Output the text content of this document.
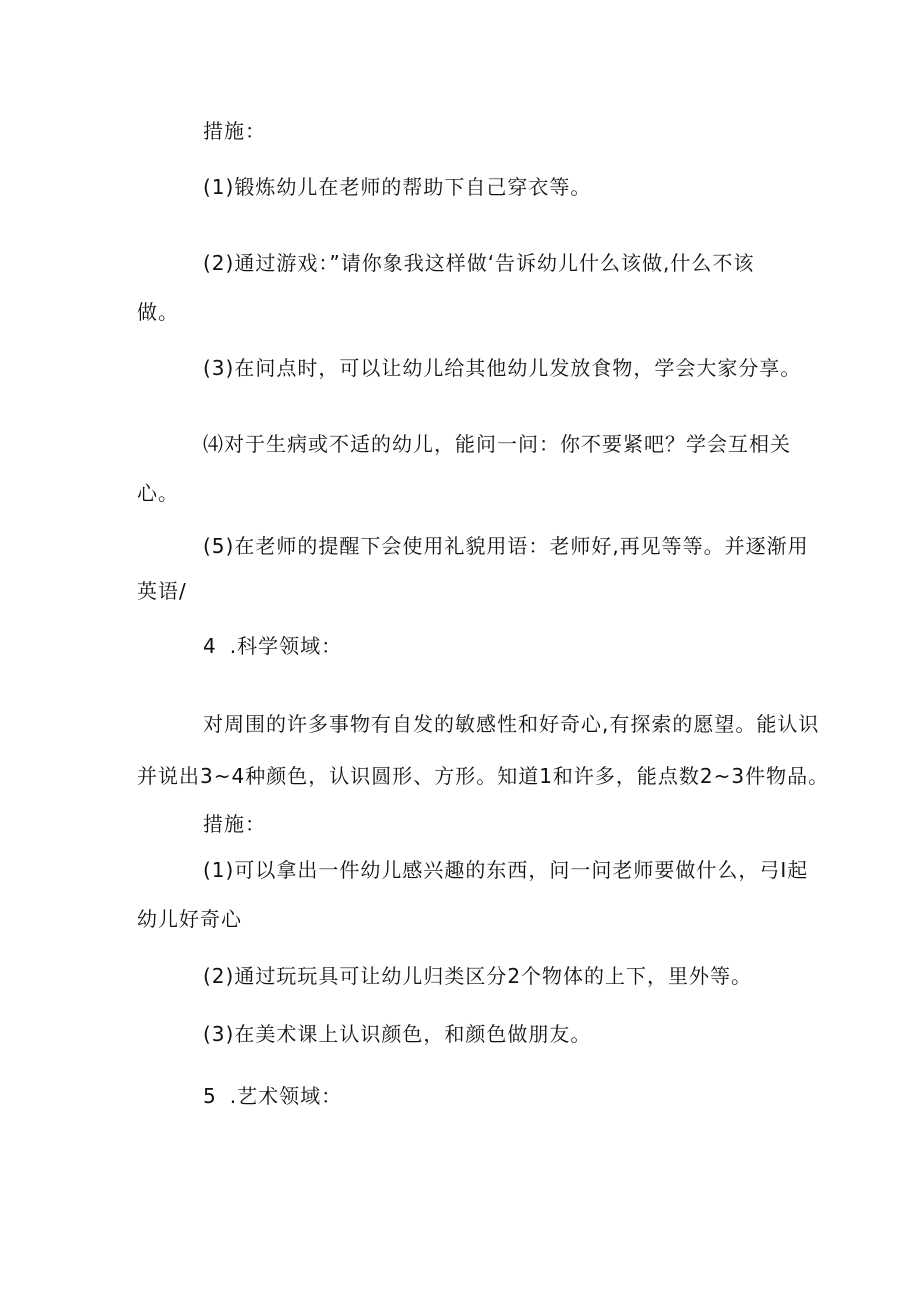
措施：
(1)锻炼幼儿在老师的帮助下自己穿衣等。
(2)通过游戏：”请你象我这样做‘告诉幼儿什么该做,什么不该
做。
(3)在问点时，可以让幼儿给其他幼儿发放食物，学会大家分享。
⑷对于生病或不适的幼儿，能问一问：你不要紧吧？学会互相关
心。
(5)在老师的提醒下会使用礼貌用语：老师好,再见等等。并逐渐用
英语/
4 .科学领域：
对周围的许多事物有自发的敏感性和好奇心,有探索的愿望。能认识
并说出3~4种颜色，认识圆形、方形。知道1和许多，能点数2~3件物品。
措施：
(1)可以拿出一件幼儿感兴趣的东西，问一问老师要做什么，弓I起
幼儿好奇心
(2)通过玩玩具可让幼儿归类区分2个物体的上下，里外等。
(3)在美术课上认识颜色，和颜色做朋友。
5 .艺术领域：
